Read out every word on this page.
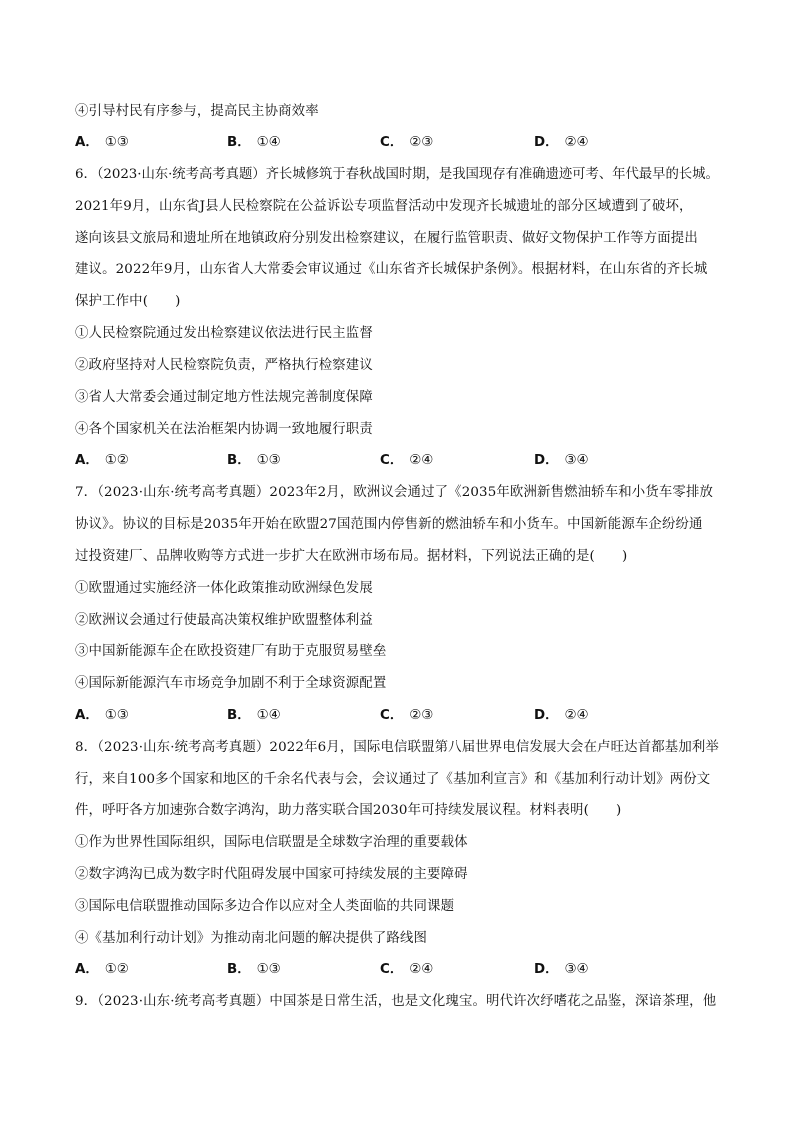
④引导村民有序参与，提高民主协商效率
A． ①③	B． ①④	C． ②③	D． ②④
6．（2023·山东·统考高考真题）齐长城修筑于春秋战国时期，是我国现存有准确遗迹可考、年代最早的长城。
2021年9月，山东省J县人民检察院在公益诉讼专项监督活动中发现齐长城遗址的部分区域遭到了破坏，
遂向该县文旅局和遗址所在地镇政府分别发出检察建议，在履行监管职责、做好文物保护工作等方面提出
建议。2022年9月，山东省人大常委会审议通过《山东省齐长城保护条例》。根据材料，在山东省的齐长城
保护工作中(　　)
①人民检察院通过发出检察建议依法进行民主监督
②政府坚持对人民检察院负责，严格执行检察建议
③省人大常委会通过制定地方性法规完善制度保障
④各个国家机关在法治框架内协调一致地履行职责
A． ①②	B． ①③	C． ②④	D． ③④
7．（2023·山东·统考高考真题）2023年2月，欧洲议会通过了《2035年欧洲新售燃油轿车和小货车零排放
协议》。协议的目标是2035年开始在欧盟27国范围内停售新的燃油轿车和小货车。中国新能源车企纷纷通
过投资建厂、品牌收购等方式进一步扩大在欧洲市场布局。据材料，下列说法正确的是(　　)
①欧盟通过实施经济一体化政策推动欧洲绿色发展
②欧洲议会通过行使最高决策权维护欧盟整体利益
③中国新能源车企在欧投资建厂有助于克服贸易壁垒
④国际新能源汽车市场竞争加剧不利于全球资源配置
A． ①③	B． ①④	C． ②③	D． ②④
8．（2023·山东·统考高考真题）2022年6月，国际电信联盟第八届世界电信发展大会在卢旺达首都基加利举
行，来自100多个国家和地区的千余名代表与会，会议通过了《基加利宣言》和《基加利行动计划》两份文
件，呼吁各方加速弥合数字鸿沟，助力落实联合国2030年可持续发展议程。材料表明(　　)
①作为世界性国际组织，国际电信联盟是全球数字治理的重要载体
②数字鸿沟已成为数字时代阻碍发展中国家可持续发展的主要障碍
③国际电信联盟推动国际多边合作以应对全人类面临的共同课题
④《基加利行动计划》为推动南北问题的解决提供了路线图
A． ①②	B． ①③	C． ②④	D． ③④
9．（2023·山东·统考高考真题）中国茶是日常生活，也是文化瑰宝。明代许次纾嗜花之品鉴，深谙茶理，他
